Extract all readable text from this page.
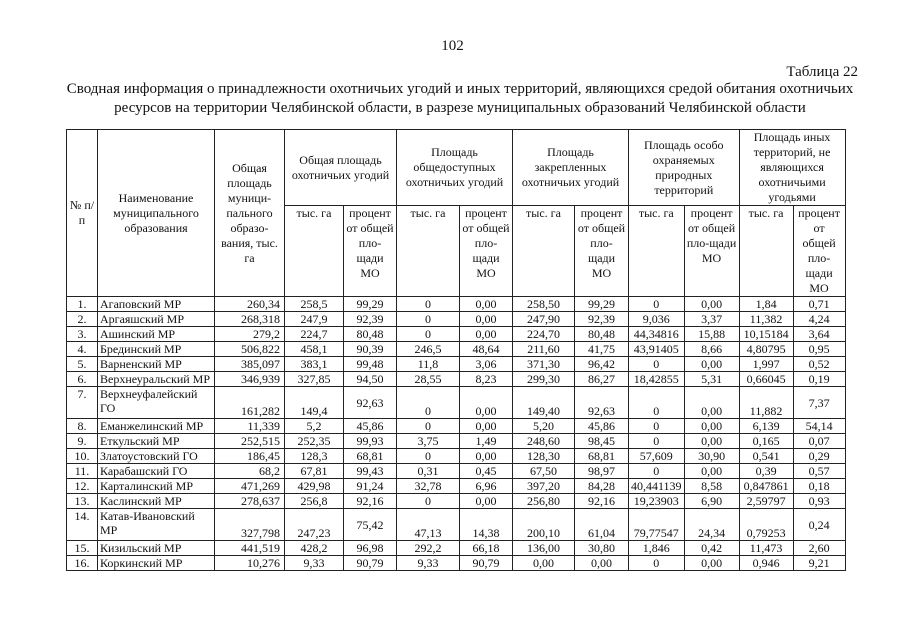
102
Таблица 22
Сводная информация о принадлежности охотничьих угодий и иных территорий, являющихся средой обитания охотничьих ресурсов на территории Челябинской области, в разрезе муниципальных образований Челябинской области
№ п/п	Наименование муниципального образования	Общая площадь муници-пального образо-вания, тыс. га	Общая площадь охотничьих угодий		Площадь общедоступных охотничьих угодий		Площадь закрепленных охотничьих угодий		Площадь особо охраняемых природных территорий		Площадь иных территорий, не являющихся охотничьими угодьями	
			тыс. га	процент от общей пло-щади МО	тыс. га	процент от общей пло-щади МО	тыс. га	процент от общей пло-щади МО	тыс. га	процент от общей пло-щади МО	тыс. га	процент от общей пло-щади МО
1.	Агаповский МР	260,34	258,5	99,29	0	0,00	258,50	99,29	0	0,00	1,84	0,71
2.	Аргаяшский МР	268,318	247,9	92,39	0	0,00	247,90	92,39	9,036	3,37	11,382	4,24
3.	Ашинский МР	279,2	224,7	80,48	0	0,00	224,70	80,48	44,34816	15,88	10,15184	3,64
4.	Брединский МР	506,822	458,1	90,39	246,5	48,64	211,60	41,75	43,91405	8,66	4,80795	0,95
5.	Варненский МР	385,097	383,1	99,48	11,8	3,06	371,30	96,42	0	0,00	1,997	0,52
6.	Верхнеуральский МР	346,939	327,85	94,50	28,55	8,23	299,30	86,27	18,42855	5,31	0,66045	0,19
7.	Верхнеуфалейский ГО	161,282	149,4	92,63	0	0,00	149,40	92,63	0	0,00	11,882	7,37
8.	Еманжелинский МР	11,339	5,2	45,86	0	0,00	5,20	45,86	0	0,00	6,139	54,14
9.	Еткульский МР	252,515	252,35	99,93	3,75	1,49	248,60	98,45	0	0,00	0,165	0,07
10.	Златоустовский ГО	186,45	128,3	68,81	0	0,00	128,30	68,81	57,609	30,90	0,541	0,29
11.	Карабашский ГО	68,2	67,81	99,43	0,31	0,45	67,50	98,97	0	0,00	0,39	0,57
12.	Карталинский МР	471,269	429,98	91,24	32,78	6,96	397,20	84,28	40,441139	8,58	0,847861	0,18
13.	Каслинский МР	278,637	256,8	92,16	0	0,00	256,80	92,16	19,23903	6,90	2,59797	0,93
14.	Катав-Ивановский МР	327,798	247,23	75,42	47,13	14,38	200,10	61,04	79,77547	24,34	0,79253	0,24
15.	Кизильский МР	441,519	428,2	96,98	292,2	66,18	136,00	30,80	1,846	0,42	11,473	2,60
16.	Коркинский МР	10,276	9,33	90,79	9,33	90,79	0,00	0,00	0	0,00	0,946	9,21
